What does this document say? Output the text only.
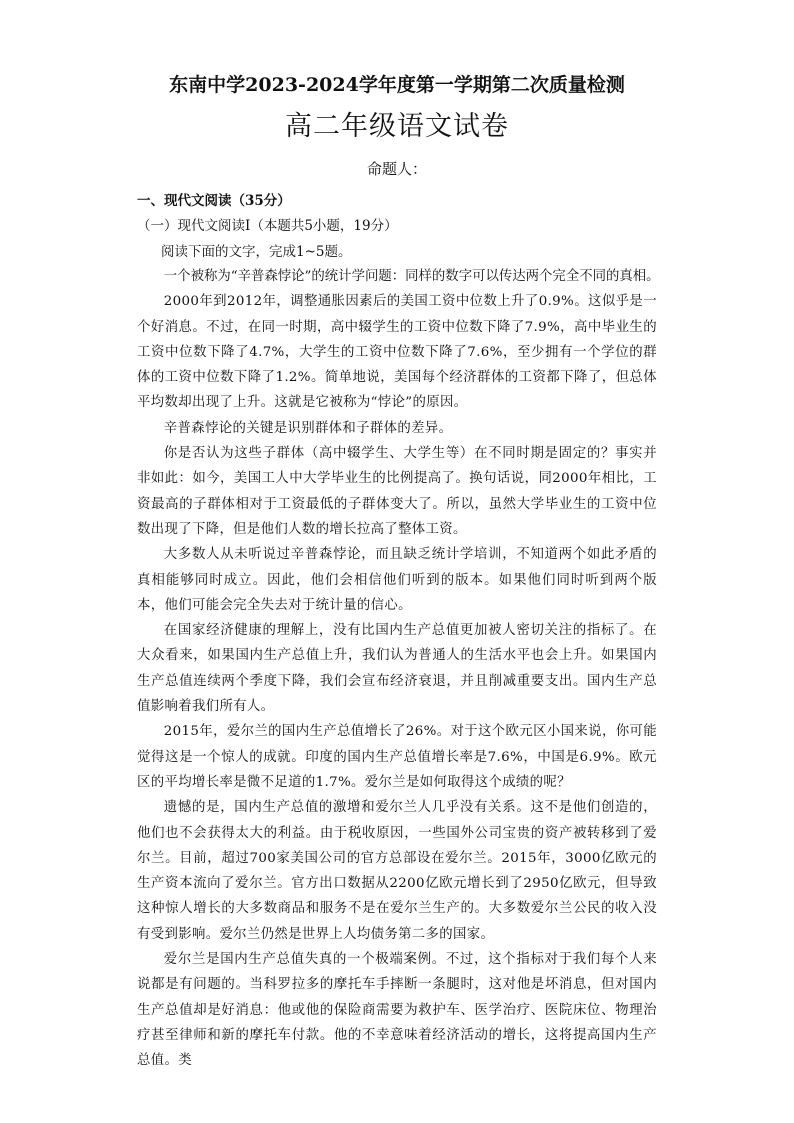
东南中学2023-2024学年度第一学期第二次质量检测
高二年级语文试卷
命题人：
一、现代文阅读（35分）
（一）现代文阅读Ⅰ（本题共5小题，19分）
阅读下面的文字，完成1~5题。

一个被称为“辛普森悖论”的统计学问题：同样的数字可以传达两个完全不同的真相。

2000年到2012年，调整通胀因素后的美国工资中位数上升了0.9%。这似乎是一个好消息。不过，在同一时期，高中辍学生的工资中位数下降了7.9%，高中毕业生的工资中位数下降了4.7%，大学生的工资中位数下降了7.6%，至少拥有一个学位的群体的工资中位数下降了1.2%。简单地说，美国每个经济群体的工资都下降了，但总体平均数却出现了上升。这就是它被称为“悖论”的原因。

辛普森悖论的关键是识别群体和子群体的差异。

你是否认为这些子群体（高中辍学生、大学生等）在不同时期是固定的？事实并非如此：如今，美国工人中大学毕业生的比例提高了。换句话说，同2000年相比，工资最高的子群体相对于工资最低的子群体变大了。所以，虽然大学毕业生的工资中位数出现了下降，但是他们人数的增长拉高了整体工资。

大多数人从未听说过辛普森悖论，而且缺乏统计学培训，不知道两个如此矛盾的真相能够同时成立。因此，他们会相信他们听到的版本。如果他们同时听到两个版本，他们可能会完全失去对于统计量的信心。

在国家经济健康的理解上，没有比国内生产总值更加被人密切关注的指标了。在大众看来，如果国内生产总值上升，我们认为普通人的生活水平也会上升。如果国内生产总值连续两个季度下降，我们会宣布经济衰退，并且削减重要支出。国内生产总值影响着我们所有人。

2015年，爱尔兰的国内生产总值增长了26%。对于这个欧元区小国来说，你可能觉得这是一个惊人的成就。印度的国内生产总值增长率是7.6%，中国是6.9%。欧元区的平均增长率是微不足道的1.7%。爱尔兰是如何取得这个成绩的呢？

遗憾的是，国内生产总值的激增和爱尔兰人几乎没有关系。这不是他们创造的，他们也不会获得太大的利益。由于税收原因，一些国外公司宝贵的资产被转移到了爱尔兰。目前，超过700家美国公司的官方总部设在爱尔兰。2015年，3000亿欧元的生产资本流向了爱尔兰。官方出口数据从2200亿欧元增长到了2950亿欧元，但导致这种惊人增长的大多数商品和服务不是在爱尔兰生产的。大多数爱尔兰公民的收入没有受到影响。爱尔兰仍然是世界上人均债务第二多的国家。

爱尔兰是国内生产总值失真的一个极端案例。不过，这个指标对于我们每个人来说都是有问题的。当科罗拉多的摩托车手摔断一条腿时，这对他是坏消息，但对国内生产总值却是好消息：他或他的保险商需要为救护车、医学治疗、医院床位、物理治疗甚至律师和新的摩托车付款。他的不幸意味着经济活动的增长，这将提高国内生产总值。类
